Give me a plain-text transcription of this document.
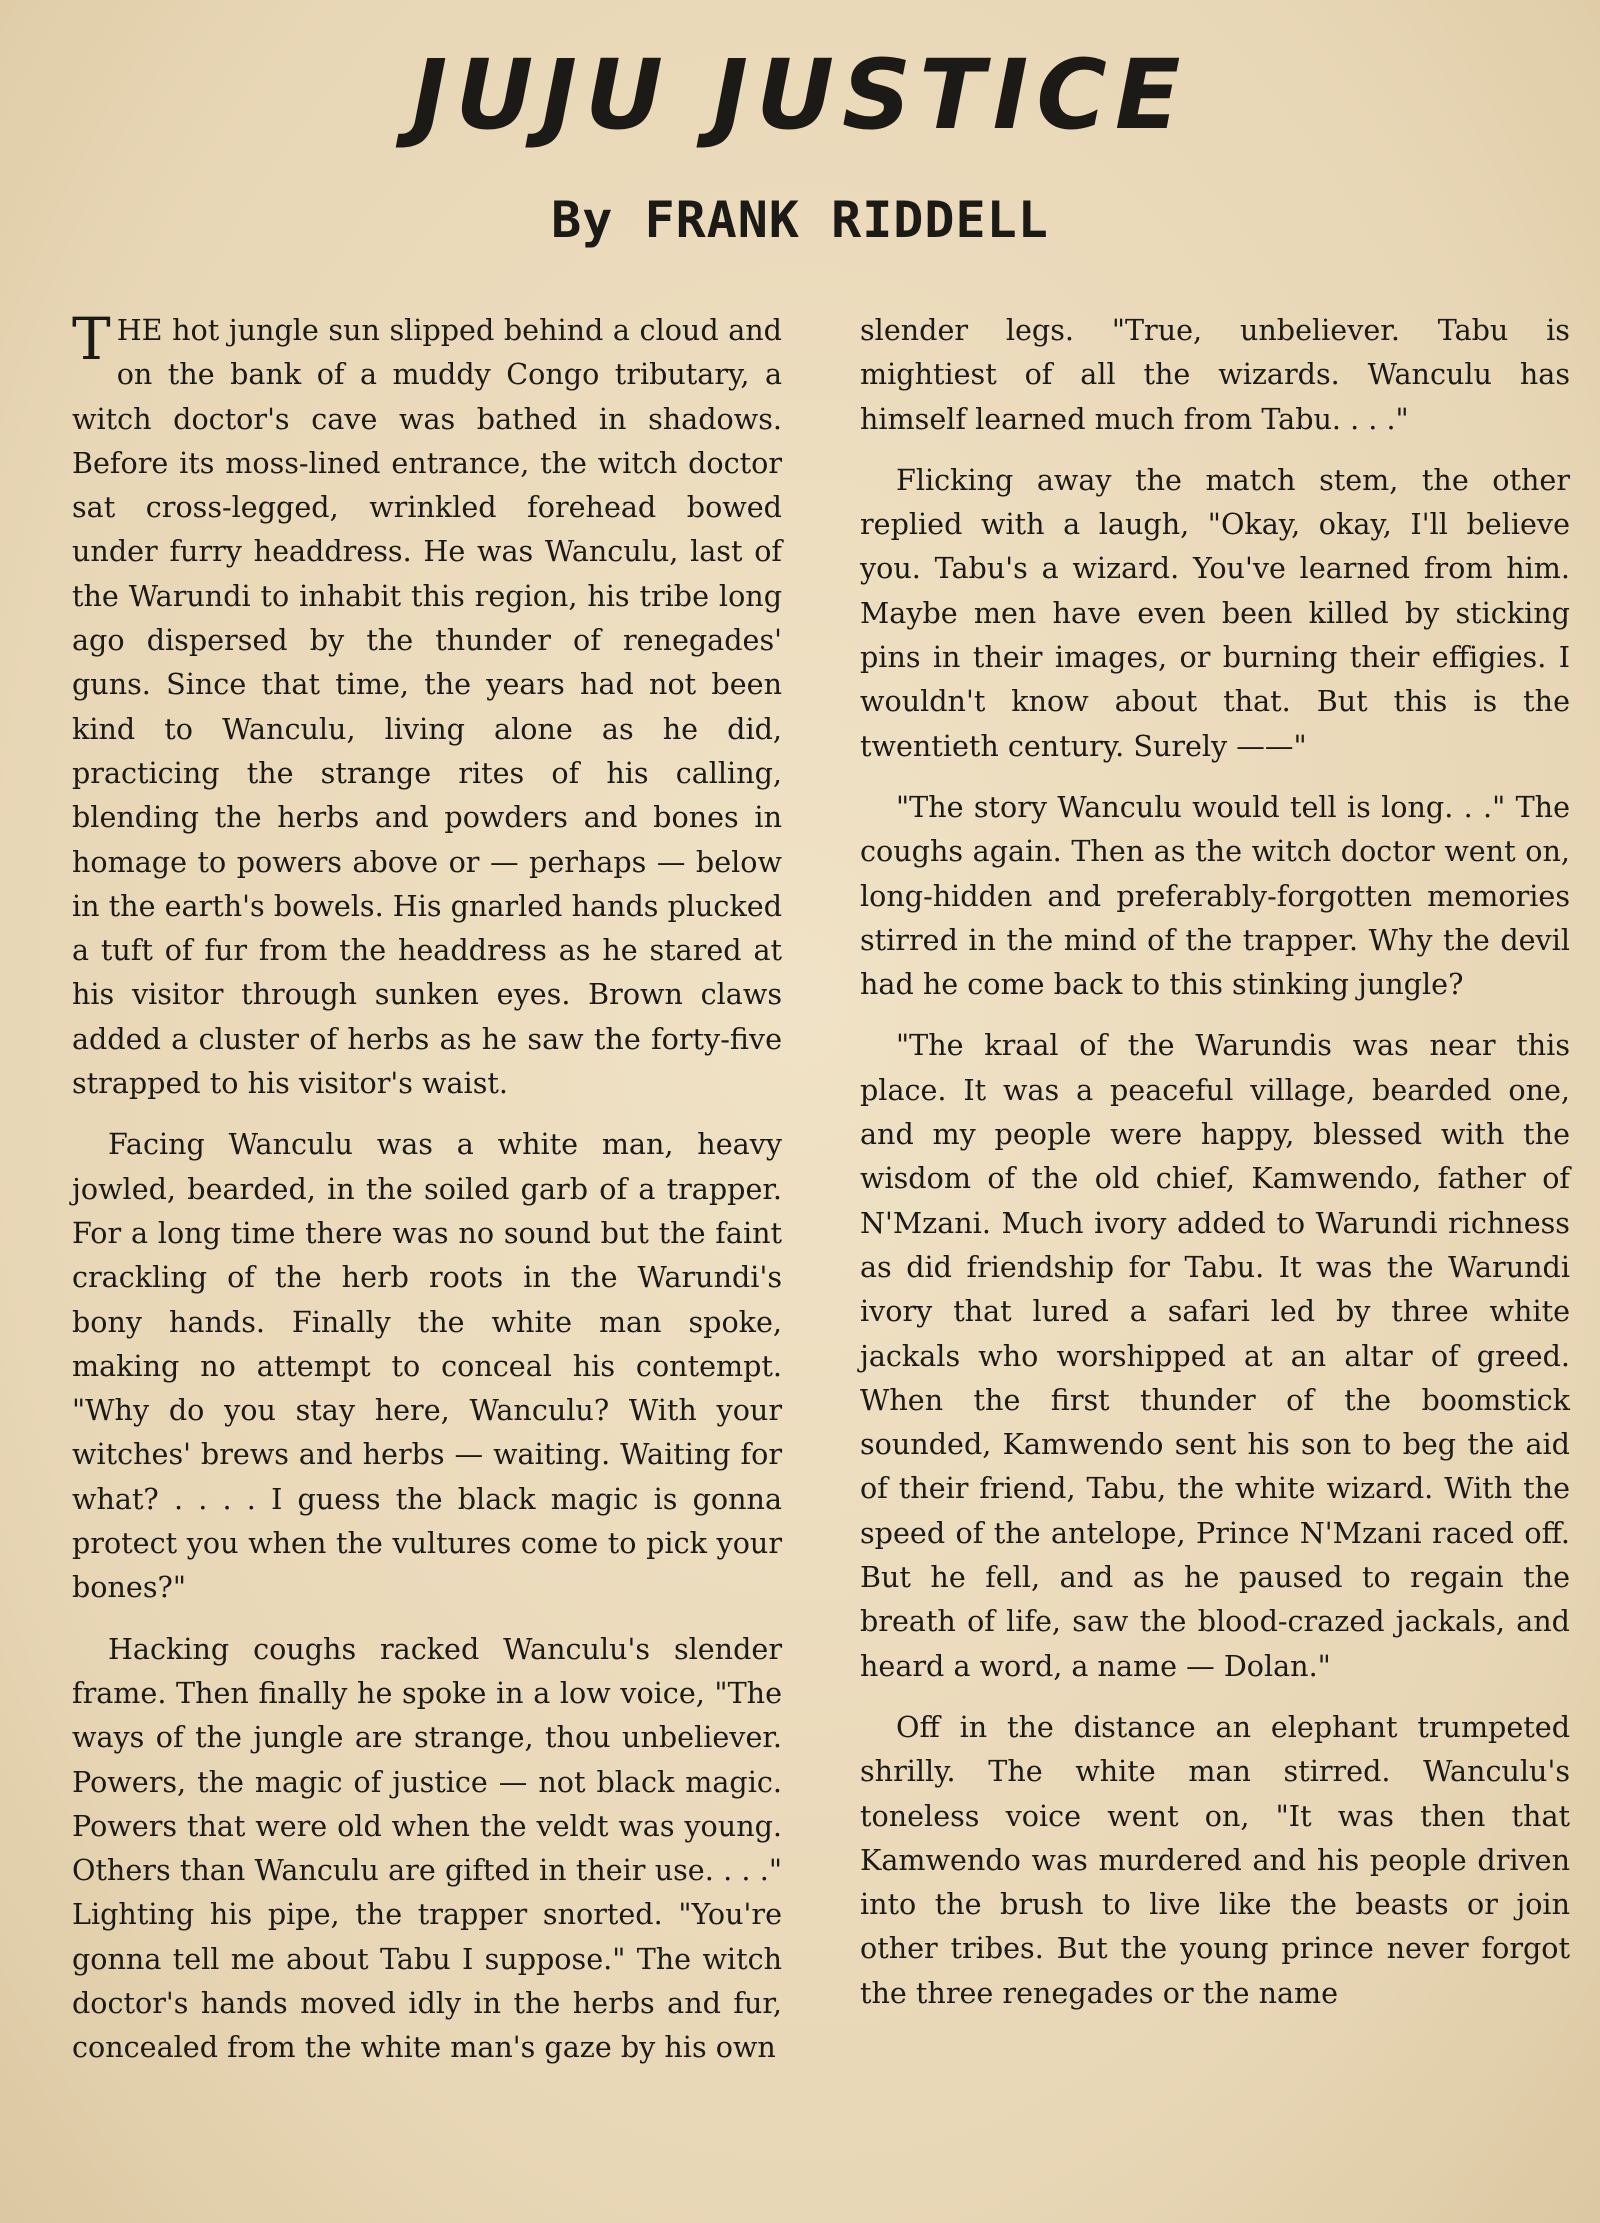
JUJU JUSTICE
By FRANK RIDDELL

THE hot jungle sun slipped behind a cloud and on the bank of a muddy Congo tributary, a witch doctor's cave was bathed in shadows. Before its moss-lined entrance, the witch doctor sat cross-legged, wrinkled forehead bowed under furry headdress. He was Wanculu, last of the Warundi to inhabit this region, his tribe long ago dispersed by the thunder of renegades' guns. Since that time, the years had not been kind to Wanculu, living alone as he did, practicing the strange rites of his calling, blending the herbs and powders and bones in homage to powers above or — perhaps — below in the earth's bowels. His gnarled hands plucked a tuft of fur from the headdress as he stared at his visitor through sunken eyes. Brown claws added a cluster of herbs as he saw the forty-five strapped to his visitor's waist.

Facing Wanculu was a white man, heavy jowled, bearded, in the soiled garb of a trapper. For a long time there was no sound but the faint crackling of the herb roots in the Warundi's bony hands. Finally the white man spoke, making no attempt to conceal his contempt. "Why do you stay here, Wanculu? With your witches' brews and herbs — waiting. Waiting for what? . . . . I guess the black magic is gonna protect you when the vultures come to pick your bones?"

Hacking coughs racked Wanculu's slender frame. Then finally he spoke in a low voice, "The ways of the jungle are strange, thou unbeliever. Powers, the magic of justice — not black magic. Powers that were old when the veldt was young. Others than Wanculu are gifted in their use. . . ." Lighting his pipe, the trapper snorted. "You're gonna tell me about Tabu I suppose." The witch doctor's hands moved idly in the herbs and fur, concealed from the white man's gaze by his own

slender legs. "True, unbeliever. Tabu is mightiest of all the wizards. Wanculu has himself learned much from Tabu. . . ."

Flicking away the match stem, the other replied with a laugh, "Okay, okay, I'll believe you. Tabu's a wizard. You've learned from him. Maybe men have even been killed by sticking pins in their images, or burning their effigies. I wouldn't know about that. But this is the twentieth century. Surely ——"

"The story Wanculu would tell is long. . ." The coughs again. Then as the witch doctor went on, long-hidden and preferably-forgotten memories stirred in the mind of the trapper. Why the devil had he come back to this stinking jungle?

"The kraal of the Warundis was near this place. It was a peaceful village, bearded one, and my people were happy, blessed with the wisdom of the old chief, Kamwendo, father of N'Mzani. Much ivory added to Warundi richness as did friendship for Tabu. It was the Warundi ivory that lured a safari led by three white jackals who worshipped at an altar of greed. When the first thunder of the boomstick sounded, Kamwendo sent his son to beg the aid of their friend, Tabu, the white wizard. With the speed of the antelope, Prince N'Mzani raced off. But he fell, and as he paused to regain the breath of life, saw the blood-crazed jackals, and heard a word, a name — Dolan."

Off in the distance an elephant trumpeted shrilly. The white man stirred. Wanculu's toneless voice went on, "It was then that Kamwendo was murdered and his people driven into the brush to live like the beasts or join other tribes. But the young prince never forgot the three renegades or the name
